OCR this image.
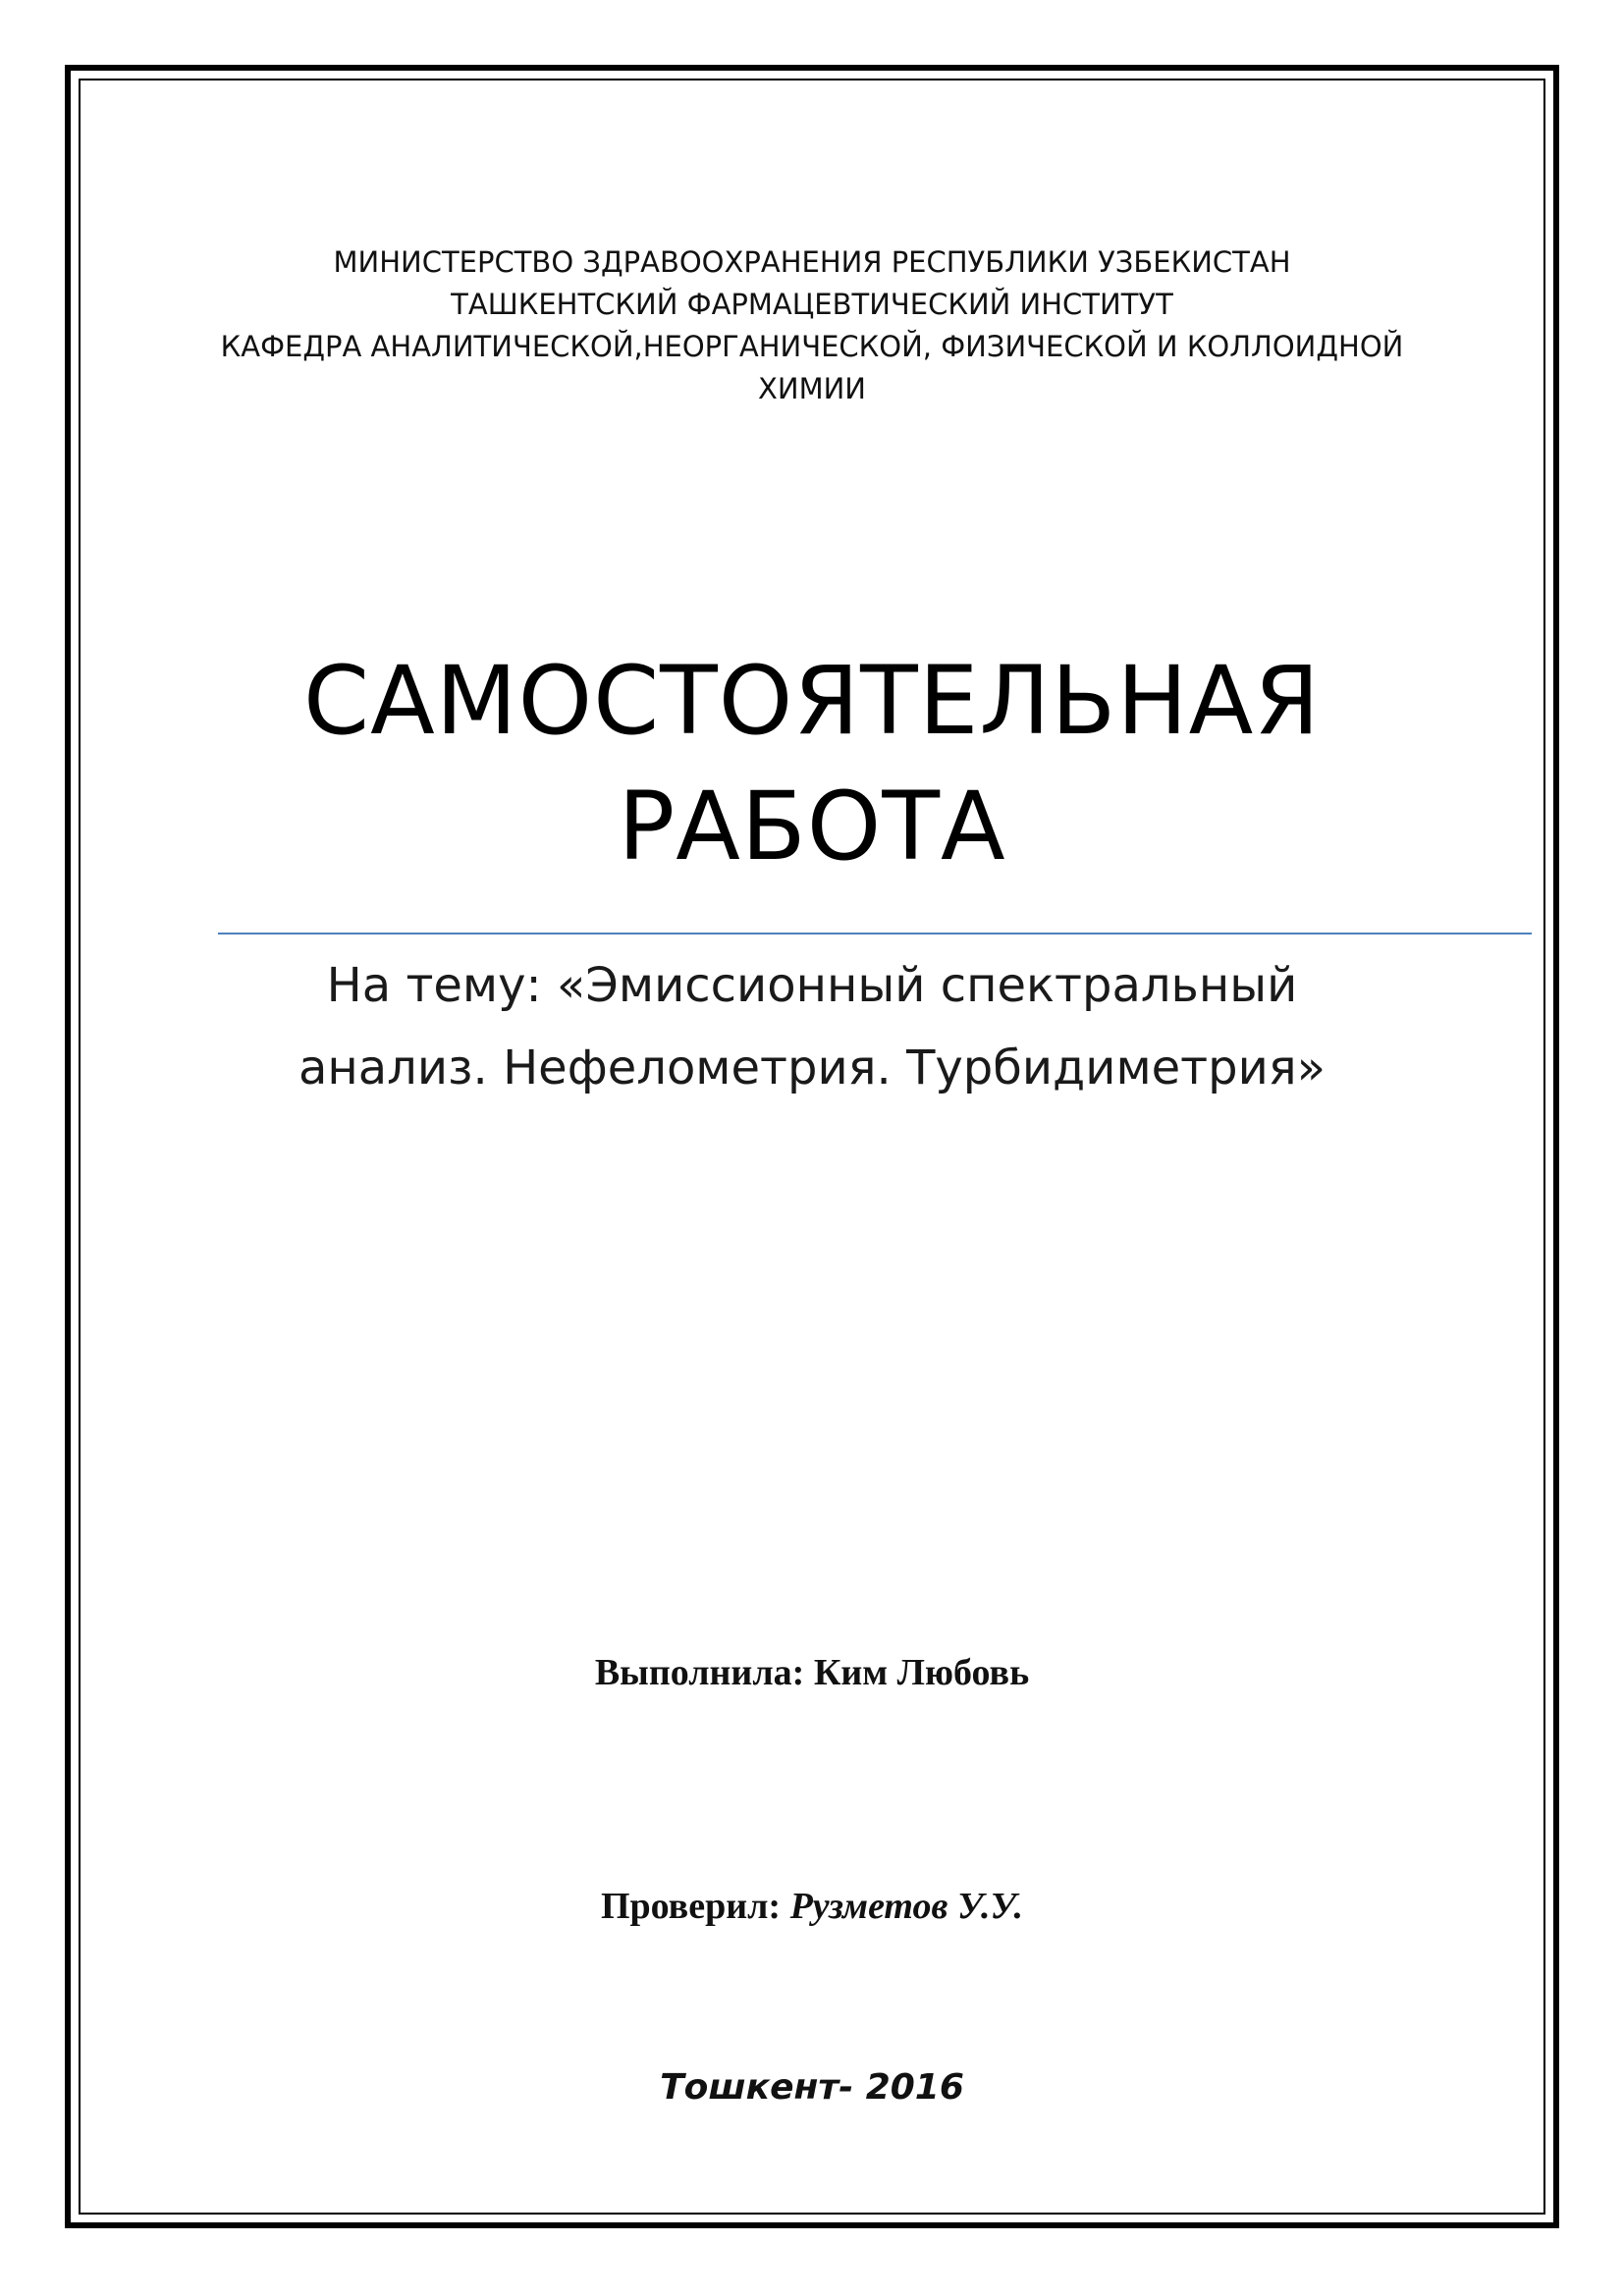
МИНИСТЕРСТВО ЗДРАВООХРАНЕНИЯ РЕСПУБЛИКИ УЗБЕКИСТАН
ТАШКЕНТСКИЙ ФАРМАЦЕВТИЧЕСКИЙ ИНСТИТУТ
КАФЕДРА АНАЛИТИЧЕСКОЙ,НЕОРГАНИЧЕСКОЙ, ФИЗИЧЕСКОЙ И КОЛЛОИДНОЙ
ХИМИИ
САМОСТОЯТЕЛЬНАЯ
РАБОТА
На тему: «Эмиссионный спектральный
анализ. Нефелометрия. Турбидиметрия»
Выполнила: Ким Любовь
Проверил: Рузметов У.У.
Тошкент- 2016
